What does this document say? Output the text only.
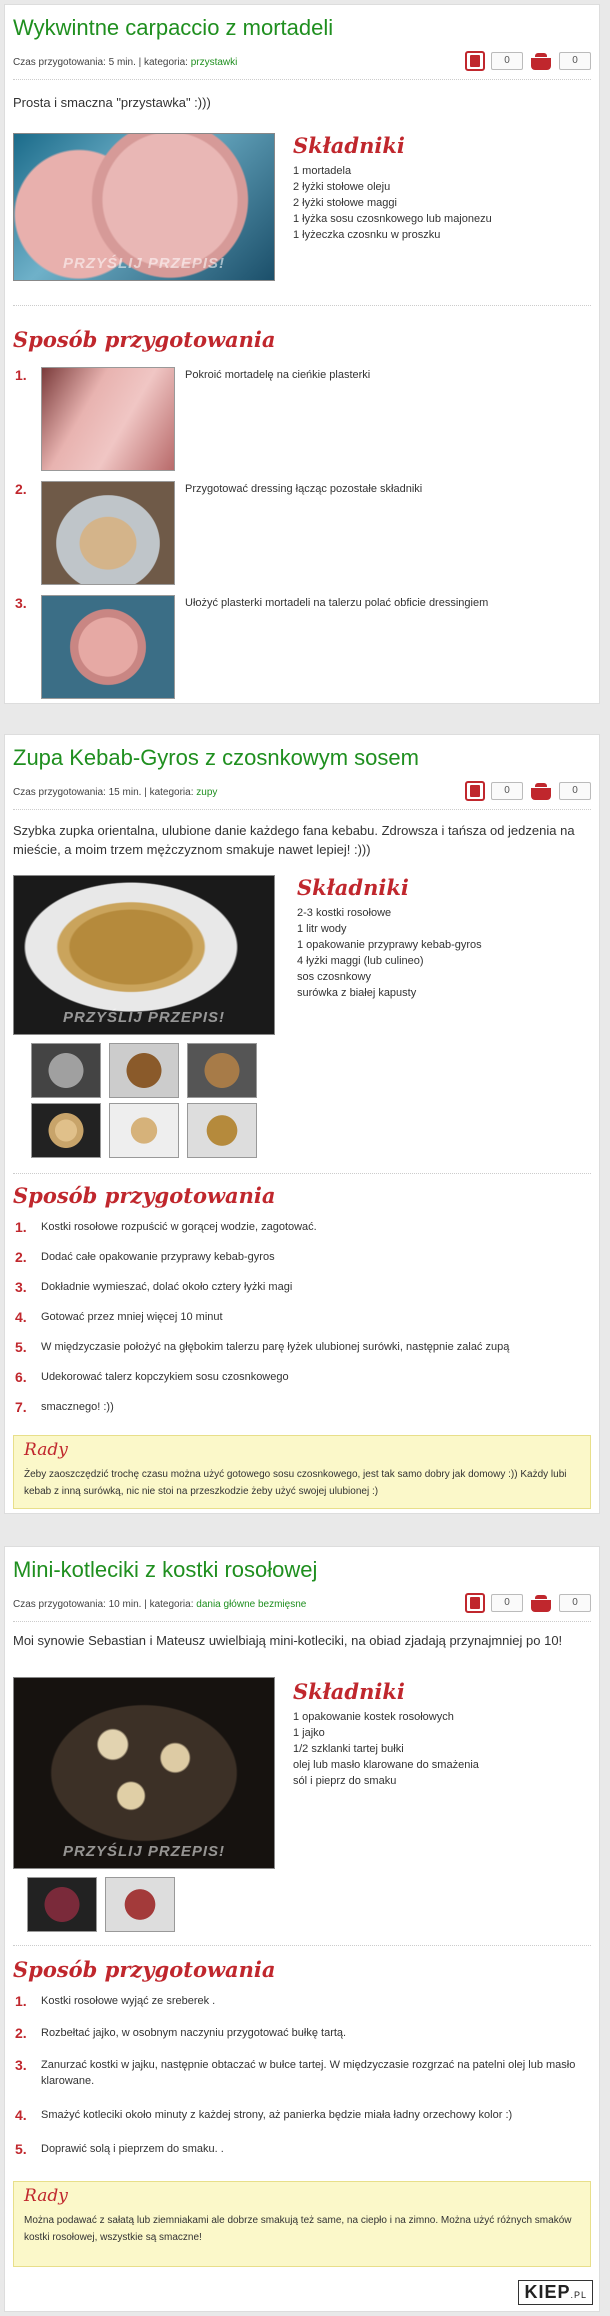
Wykwintne carpaccio z mortadeli
Czas przygotowania: 5 min. | kategoria: przystawki	0	0

Prosta i smaczna "przystawka" :)))

PRZYŚLIJ PRZEPIS!
Składniki
1 mortadela
2 łyżki stołowe oleju
2 łyżki stołowe maggi
1 łyżka sosu czosnkowego lub majonezu
1 łyżeczka czosnku w proszku
Sposób przygotowania
1.	Pokroić mortadelę na cieńkie plasterki
2.	Przygotować dressing łącząc pozostałe składniki
3.	Ułożyć plasterki mortadeli na talerzu polać obficie dressingiem
Zupa Kebab-Gyros z czosnkowym sosem
Czas przygotowania: 15 min. | kategoria: zupy	0	0

Szybka zupka orientalna, ulubione danie każdego fana kebabu. Zdrowsza i tańsza od jedzenia na mieście, a moim trzem mężczyznom smakuje nawet lepiej! :)))

PRZYŚLIJ PRZEPIS!
Składniki
2-3 kostki rosołowe
1 litr wody
1 opakowanie przyprawy kebab-gyros
4 łyżki maggi (lub culineo)
sos czosnkowy
surówka z białej kapusty
Sposób przygotowania
1. Kostki rosołowe rozpuścić w gorącej wodzie, zagotować.
2. Dodać całe opakowanie przyprawy kebab-gyros
3. Dokładnie wymieszać, dolać około cztery łyżki magi
4. Gotować przez mniej więcej 10 minut
5. W międzyczasie położyć na głębokim talerzu parę łyżek ulubionej surówki, następnie zalać zupą
6. Udekorować talerz kopczykiem sosu czosnkowego
7. smacznego! :))
Rady

Żeby zaoszczędzić trochę czasu można użyć gotowego sosu czosnkowego, jest tak samo dobry jak domowy :)) Każdy lubi kebab z inną surówką, nic nie stoi na przeszkodzie żeby użyć swojej ulubionej :)

Mini-kotleciki z kostki rosołowej
Czas przygotowania: 10 min. | kategoria: dania główne bezmięsne	0	0

Moi synowie Sebastian i Mateusz uwielbiają mini-kotleciki, na obiad zjadają przynajmniej po 10!

PRZYŚLIJ PRZEPIS!
Składniki
1 opakowanie kostek rosołowych
1 jajko
1/2 szklanki tartej bułki
olej lub masło klarowane do smażenia
sól i pieprz do smaku
Sposób przygotowania
1. Kostki rosołowe wyjąć ze sreberek .
2. Rozbełtać jajko, w osobnym naczyniu przygotować bułkę tartą.
3. Zanurzać kostki w jajku, następnie obtaczać w bułce tartej. W międzyczasie rozgrzać na patelni olej lub masło klarowane.
4. Smażyć kotleciki około minuty z każdej strony, aż panierka będzie miała ładny orzechowy kolor :)
5. Doprawić solą i pieprzem do smaku. .
Rady

Można podawać z sałatą lub ziemniakami ale dobrze smakują też same, na ciepło i na zimno. Można użyć różnych smaków kostki rosołowej, wszystkie są smaczne!

KIEP.PL
